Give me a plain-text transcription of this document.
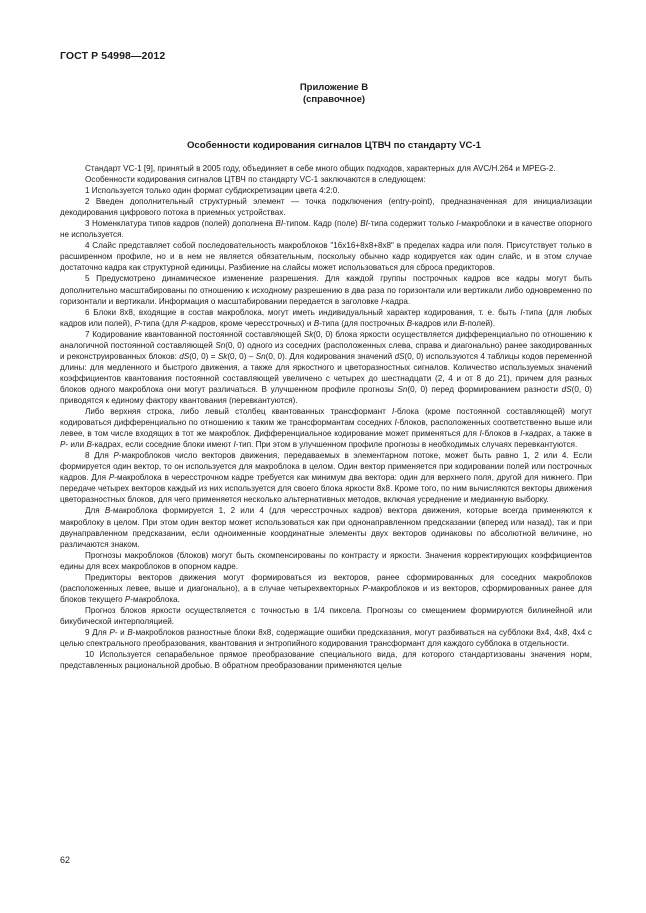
ГОСТ Р 54998—2012
Приложение В
(справочное)
Особенности кодирования сигналов ЦТВЧ по стандарту VC-1

Стандарт VC-1 [9], принятый в 2005 году, объединяет в себе много общих подходов, характерных для AVC/H.264 и MPEG-2.

Особенности кодирования сигналов ЦТВЧ по стандарту VC-1 заключаются в следующем:

1 Используется только один формат субдискретизации цвета 4:2:0.

2 Введен дополнительный структурный элемент — точка подключения (entry-point), предназначенная для инициализации декодирования цифрового потока в приемных устройствах.

3 Номенклатура типов кадров (полей) дополнена BI-типом. Кадр (поле) BI-типа содержит только I-макроблоки и в качестве опорного не используется.

4 Слайс представляет собой последовательность макроблоков "16x16+8x8+8x8" в пределах кадра или поля. Присутствует только в расширенном профиле, но и в нем не является обязательным, поскольку обычно кадр кодируется как один слайс, и в этом случае достаточно кадра как структурной единицы. Разбиение на слайсы может использоваться для сброса предикторов.

5 Предусмотрено динамическое изменение разрешения. Для каждой группы построчных кадров все кадры могут быть дополнительно масштабированы по отношению к исходному разрешению в два раза по горизонтали или вертикали либо одновременно по горизонтали и вертикали. Информация о масштабировании передается в заголовке I-кадра.

6 Блоки 8x8, входящие в состав макроблока, могут иметь индивидуальный характер кодирования, т. е. быть I-типа (для любых кадров или полей), P-типа (для P-кадров, кроме чересстрочных) и B-типа (для построчных B-кадров или B-полей).

7 Кодирование квантованной постоянной составляющей Sk(0, 0) блока яркости осуществляется дифференциально по отношению к аналогичной постоянной составляющей Sn(0, 0) одного из соседних (расположенных слева, справа и диагонально) ранее закодированных и реконструированных блоков: dS(0, 0) = Sk(0, 0) – Sn(0, 0). Для кодирования значений dS(0, 0) используются 4 таблицы кодов переменной длины: для медленного и быстрого движения, а также для яркостного и цветоразностных сигналов. Количество используемых значений коэффициентов квантования постоянной составляющей увеличено с четырех до шестнадцати (2, 4 и от 8 до 21), причем для разных блоков одного макроблока они могут различаться. В улучшенном профиле прогнозы Sn(0, 0) перед формированием разности dS(0, 0) приводятся к единому фактору квантования (перевкантуются).

Либо верхняя строка, либо левый столбец квантованных трансформант I-блока (кроме постоянной составляющей) могут кодироваться дифференциально по отношению к таким же трансформантам соседних I-блоков, расположенных соответственно выше или левее, в том числе входящих в тот же макроблок. Дифференциальное кодирование может применяться для I-блоков в I-кадрах, а также в P- или B-кадрах, если соседние блоки имеют I-тип. При этом в улучшенном профиле прогнозы в необходимых случаях перевкантуются.

8 Для P-макроблоков число векторов движения, передаваемых в элементарном потоке, может быть равно 1, 2 или 4. Если формируется один вектор, то он используется для макроблока в целом. Один вектор применяется при кодировании полей или построчных кадров. Для P-макроблока в чересстрочном кадре требуется как минимум два вектора: один для верхнего поля, другой для нижнего. При передаче четырех векторов каждый из них используется для своего блока яркости 8x8. Кроме того, по ним вычисляются векторы движения цветоразностных блоков, для чего применяется несколько альтернативных методов, включая усреднение и медианную выборку.

Для B-макроблока формируется 1, 2 или 4 (для чересстрочных кадров) вектора движения, которые всегда применяются к макроблоку в целом. При этом один вектор может использоваться как при однонаправленном предсказании (вперед или назад), так и при двунаправленном предсказании, если одноименные координатные элементы двух векторов одинаковы по абсолютной величине, но различаются знаком.

Прогнозы макроблоков (блоков) могут быть скомпенсированы по контрасту и яркости. Значения корректирующих коэффициентов едины для всех макроблоков в опорном кадре.

Предикторы векторов движения могут формироваться из векторов, ранее сформированных для соседних макроблоков (расположенных левее, выше и диагонально), а в случае четырехвекторных P-макроблоков и из векторов, сформированных ранее для блоков текущего P-макроблока.

Прогноз блоков яркости осуществляется с точностью в 1/4 пиксела. Прогнозы со смещением формируются билинейной или бикубической интерполяцией.

9 Для P- и B-макроблоков разностные блоки 8x8, содержащие ошибки предсказания, могут разбиваться на субблоки 8x4, 4x8, 4x4 с целью спектрального преобразования, квантования и энтропийного кодирования трансформант для каждого субблока в отдельности.

10 Используется сепарабельное прямое преобразование специального вида, для которого стандартизованы значения норм, представленных рациональной дробью. В обратном преобразовании применяются целые

62
